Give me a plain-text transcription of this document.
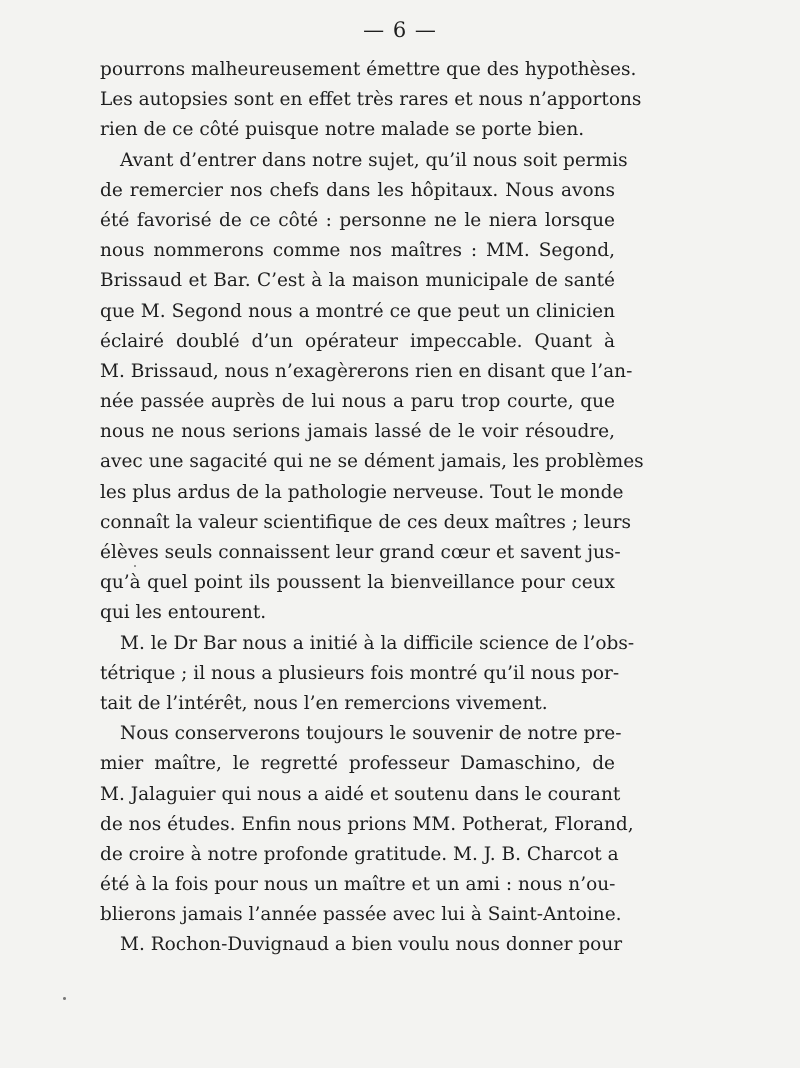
— 6 —
pourrons malheureusement émettre que des hypothèses.
Les autopsies sont en effet très rares et nous n’apportons
rien de ce côté puisque notre malade se porte bien.
Avant d’entrer dans notre sujet, qu’il nous soit permis
de remercier nos chefs dans les hôpitaux. Nous avons
été favorisé de ce côté : personne ne le niera lorsque
nous nommerons comme nos maîtres : MM. Segond,
Brissaud et Bar. C’est à la maison municipale de santé
que M. Segond nous a montré ce que peut un clinicien
éclairé doublé d’un opérateur impeccable. Quant à
M. Brissaud, nous n’exagèrerons rien en disant que l’an-
née passée auprès de lui nous a paru trop courte, que
nous ne nous serions jamais lassé de le voir résoudre,
avec une sagacité qui ne se dément jamais, les problèmes
les plus ardus de la pathologie nerveuse. Tout le monde
connaît la valeur scientifique de ces deux maîtres ; leurs
élèves seuls connaissent leur grand cœur et savent jus-
qu’à quel point ils poussent la bienveillance pour ceux
qui les entourent.
M. le Dr Bar nous a initié à la difficile science de l’obs-
tétrique ; il nous a plusieurs fois montré qu’il nous por-
tait de l’intérêt, nous l’en remercions vivement.
Nous conserverons toujours le souvenir de notre pre-
mier maître, le regretté professeur Damaschino, de
M. Jalaguier qui nous a aidé et soutenu dans le courant
de nos études. Enfin nous prions MM. Potherat, Florand,
de croire à notre profonde gratitude. M. J. B. Charcot a
été à la fois pour nous un maître et un ami : nous n’ou-
blierons jamais l’année passée avec lui à Saint-Antoine.
M. Rochon-Duvignaud a bien voulu nous donner pour
